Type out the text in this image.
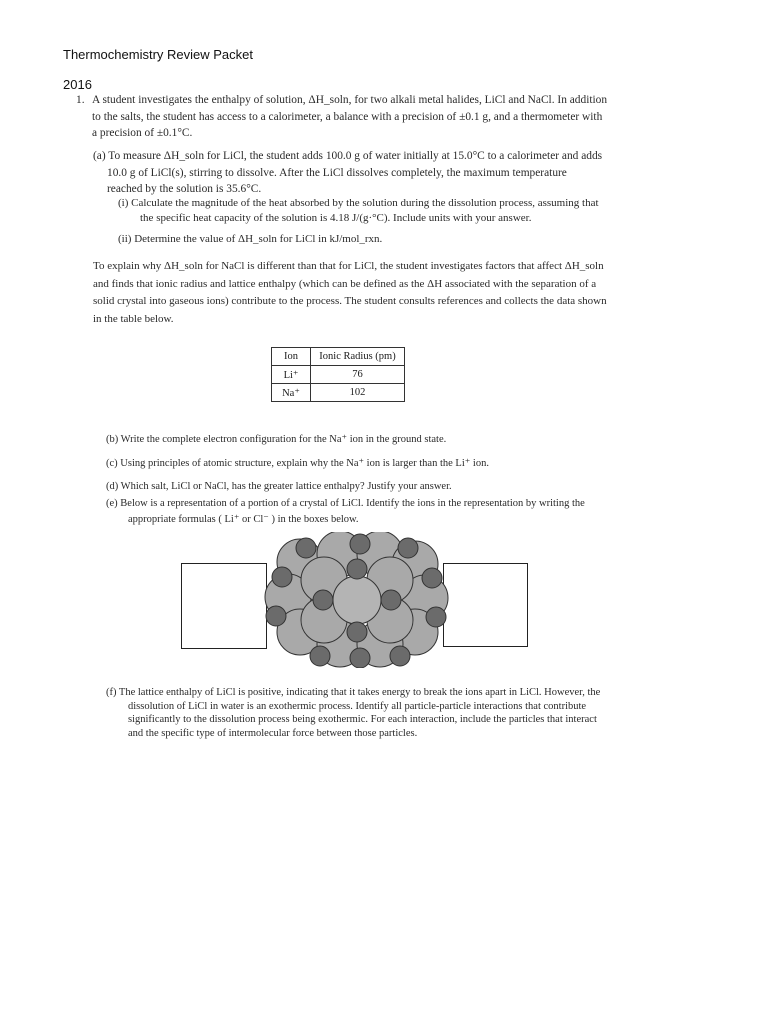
Thermochemistry Review Packet
2016
1. A student investigates the enthalpy of solution, ΔH_soln, for two alkali metal halides, LiCl and NaCl. In addition to the salts, the student has access to a calorimeter, a balance with a precision of ±0.1 g, and a thermometer with a precision of ±0.1°C.

(a) To measure ΔH_soln for LiCl, the student adds 100.0 g of water initially at 15.0°C to a calorimeter and adds 10.0 g of LiCl(s), stirring to dissolve. After the LiCl dissolves completely, the maximum temperature reached by the solution is 35.6°C.

(i) Calculate the magnitude of the heat absorbed by the solution during the dissolution process, assuming that the specific heat capacity of the solution is 4.18 J/(g·°C). Include units with your answer.

(ii) Determine the value of ΔH_soln for LiCl in kJ/mol_rxn.

To explain why ΔH_soln for NaCl is different than that for LiCl, the student investigates factors that affect ΔH_soln and finds that ionic radius and lattice enthalpy (which can be defined as the ΔH associated with the separation of a solid crystal into gaseous ions) contribute to the process. The student consults references and collects the data shown in the table below.

Ion	Ionic Radius (pm)
Li⁺	76
Na⁺	102
(b) Write the complete electron configuration for the Na⁺ ion in the ground state.
(c) Using principles of atomic structure, explain why the Na⁺ ion is larger than the Li⁺ ion.
(d) Which salt, LiCl or NaCl, has the greater lattice enthalpy? Justify your answer.

(e) Below is a representation of a portion of a crystal of LiCl. Identify the ions in the representation by writing the appropriate formulas ( Li⁺ or Cl⁻ ) in the boxes below.

(f) The lattice enthalpy of LiCl is positive, indicating that it takes energy to break the ions apart in LiCl. However, the dissolution of LiCl in water is an exothermic process. Identify all particle-particle interactions that contribute significantly to the dissolution process being exothermic. For each interaction, include the particles that interact and the specific type of intermolecular force between those particles.
